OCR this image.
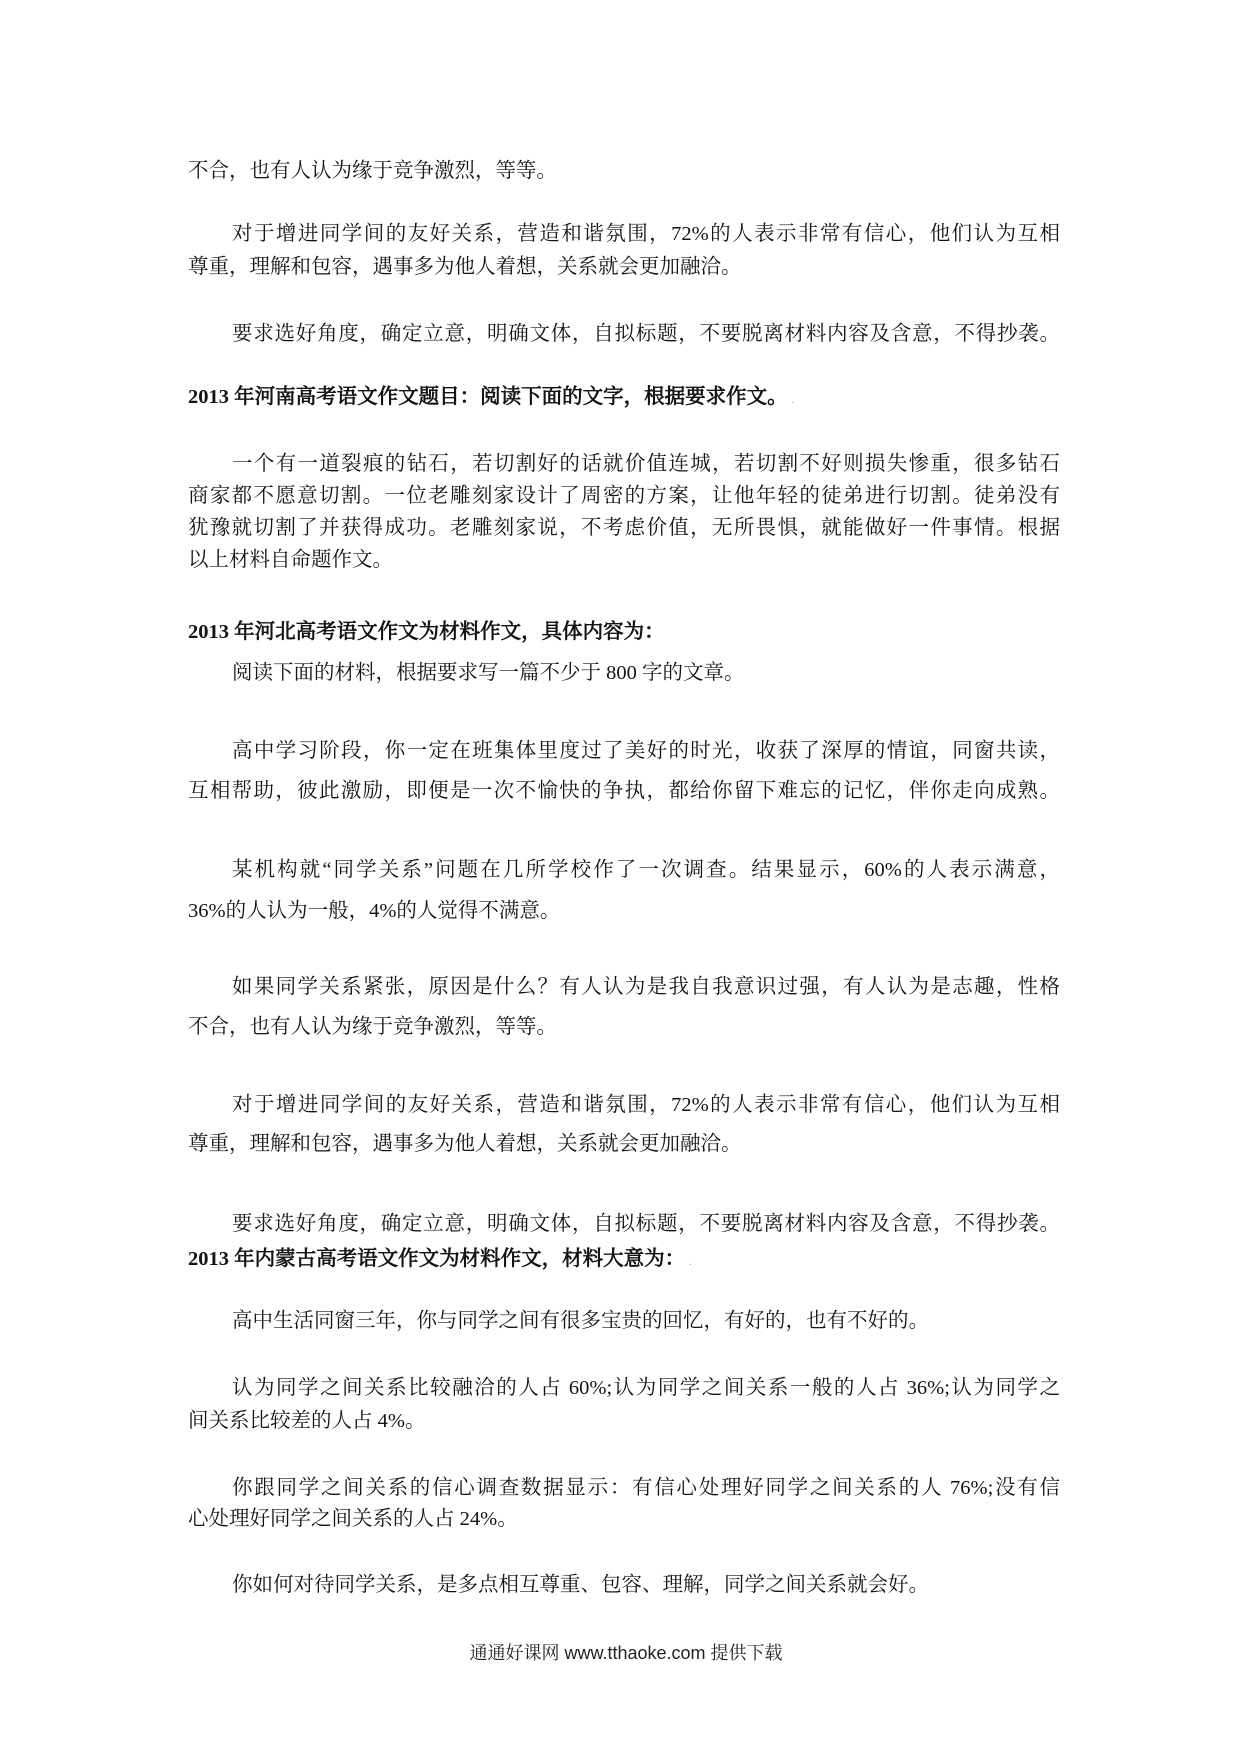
不合，也有人认为缘于竞争激烈，等等。
对于增进同学间的友好关系，营造和谐氛围，72%的人表示非常有信心，他们认为互相
尊重，理解和包容，遇事多为他人着想，关系就会更加融洽。
要求选好角度，确定立意，明确文体，自拟标题，不要脱离材料内容及含意，不得抄袭。
2013 年河南高考语文作文题目：阅读下面的文字，根据要求作文。 .
一个有一道裂痕的钻石，若切割好的话就价值连城，若切割不好则损失惨重，很多钻石
商家都不愿意切割。一位老雕刻家设计了周密的方案，让他年轻的徒弟进行切割。徒弟没有
犹豫就切割了并获得成功。老雕刻家说，不考虑价值，无所畏惧，就能做好一件事情。根据
以上材料自命题作文。
2013 年河北高考语文作文为材料作文，具体内容为：
阅读下面的材料，根据要求写一篇不少于 800 字的文章。
高中学习阶段，你一定在班集体里度过了美好的时光，收获了深厚的情谊，同窗共读，
互相帮助，彼此激励，即便是一次不愉快的争执，都给你留下难忘的记忆，伴你走向成熟。
某机构就“同学关系”问题在几所学校作了一次调查。结果显示，60%的人表示满意，
36%的人认为一般，4%的人觉得不满意。
如果同学关系紧张，原因是什么？有人认为是我自我意识过强，有人认为是志趣，性格
不合，也有人认为缘于竞争激烈，等等。
对于增进同学间的友好关系，营造和谐氛围，72%的人表示非常有信心，他们认为互相
尊重，理解和包容，遇事多为他人着想，关系就会更加融洽。
要求选好角度，确定立意，明确文体，自拟标题，不要脱离材料内容及含意，不得抄袭。
2013 年内蒙古高考语文作文为材料作文，材料大意为： .
高中生活同窗三年，你与同学之间有很多宝贵的回忆，有好的，也有不好的。
认为同学之间关系比较融洽的人占 60%;认为同学之间关系一般的人占 36%;认为同学之
间关系比较差的人占 4%。
你跟同学之间关系的信心调查数据显示：有信心处理好同学之间关系的人 76%;没有信
心处理好同学之间关系的人占 24%。
你如何对待同学关系，是多点相互尊重、包容、理解，同学之间关系就会好。
通通好课网 www.tthaoke.com 提供下载
